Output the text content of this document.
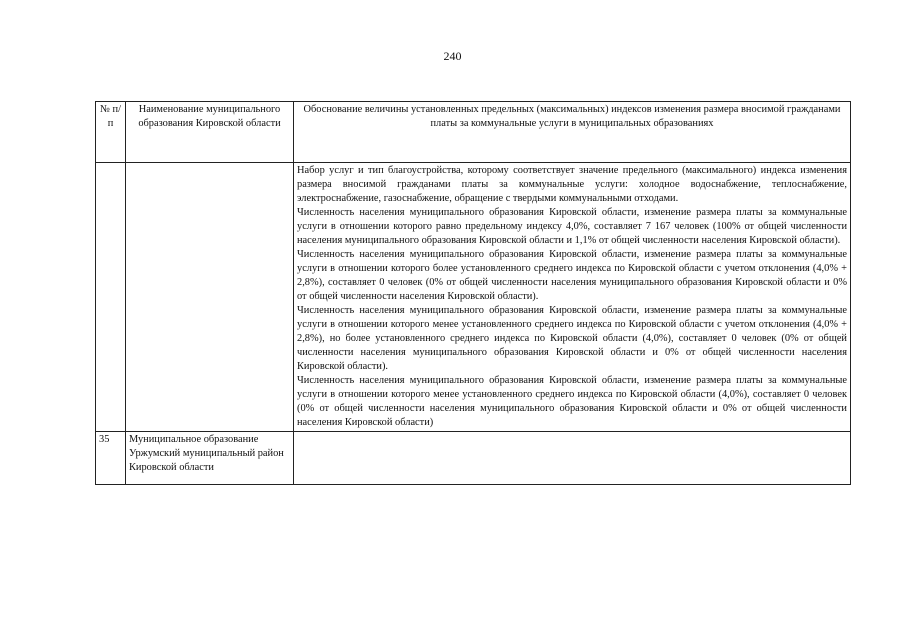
240
№ п/п	Наименование муниципального образования Кировской области	Обоснование величины установленных предельных (максимальных) индексов изменения размера вносимой гражданами платы за коммунальные услуги в муниципальных образованиях

		Набор услуг и тип благоустройства, которому соответствует значение предельного (максимального) индекса изменения размера вносимой гражданами платы за коммунальные услуги: холодное водоснабжение, теплоснабжение, электроснабжение, газоснабжение, обращение с твердыми коммунальными отходами.

Численность населения муниципального образования Кировской области, изменение размера платы за коммунальные услуги в отношении которого равно предельному индексу 4,0%, составляет 7 167 человек (100% от общей численности населения муниципального образования Кировской области и 1,1% от общей численности населения Кировской области).

Численность населения муниципального образования Кировской области, изменение размера платы за коммунальные услуги в отношении которого более установленного среднего индекса по Кировской области с учетом отклонения (4,0% + 2,8%), составляет 0 человек (0% от общей численности населения муниципального образования Кировской области и 0% от общей численности населения Кировской области).

Численность населения муниципального образования Кировской области, изменение размера платы за коммунальные услуги в отношении которого менее установленного среднего индекса по Кировской области с учетом отклонения (4,0% + 2,8%), но более установленного среднего индекса по Кировской области (4,0%), составляет 0 человек (0% от общей численности населения муниципального образования Кировской области и 0% от общей численности населения Кировской области).

Численность населения муниципального образования Кировской области, изменение размера платы за коммунальные услуги в отношении которого менее установленного среднего индекса по Кировской области (4,0%), составляет 0 человек (0% от общей численности населения муниципального образования Кировской области и 0% от общей численности населения Кировской области)

35	Муниципальное образование Уржумский муниципальный район Кировской области	
